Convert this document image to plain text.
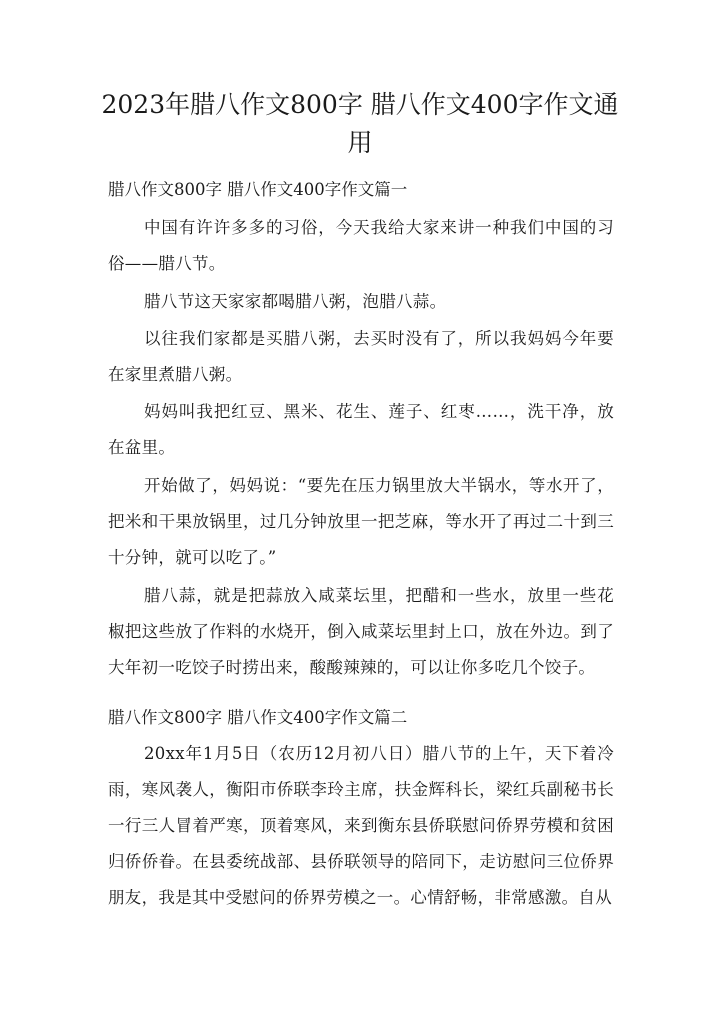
2023年腊八作文800字 腊八作文400字作文通用
腊八作文800字 腊八作文400字作文篇一

中国有许许多多的习俗，今天我给大家来讲一种我们中国的习俗——腊八节。

腊八节这天家家都喝腊八粥，泡腊八蒜。

以往我们家都是买腊八粥，去买时没有了，所以我妈妈今年要在家里煮腊八粥。

妈妈叫我把红豆、黑米、花生、莲子、红枣……，洗干净，放在盆里。

开始做了，妈妈说：“要先在压力锅里放大半锅水，等水开了，把米和干果放锅里，过几分钟放里一把芝麻，等水开了再过二十到三十分钟，就可以吃了。”

腊八蒜，就是把蒜放入咸菜坛里，把醋和一些水，放里一些花椒把这些放了作料的水烧开，倒入咸菜坛里封上口，放在外边。到了大年初一吃饺子时捞出来，酸酸辣辣的，可以让你多吃几个饺子。

腊八作文800字 腊八作文400字作文篇二

20xx年1月5日（农历12月初八日）腊八节的上午，天下着冷雨，寒风袭人，衡阳市侨联李玲主席，扶金辉科长，梁红兵副秘书长一行三人冒着严寒，顶着寒风，来到衡东县侨联慰问侨界劳模和贫困归侨侨眷。在县委统战部、县侨联领导的陪同下，走访慰问三位侨界朋友，我是其中受慰问的侨界劳模之一。心情舒畅，非常感激。自从
